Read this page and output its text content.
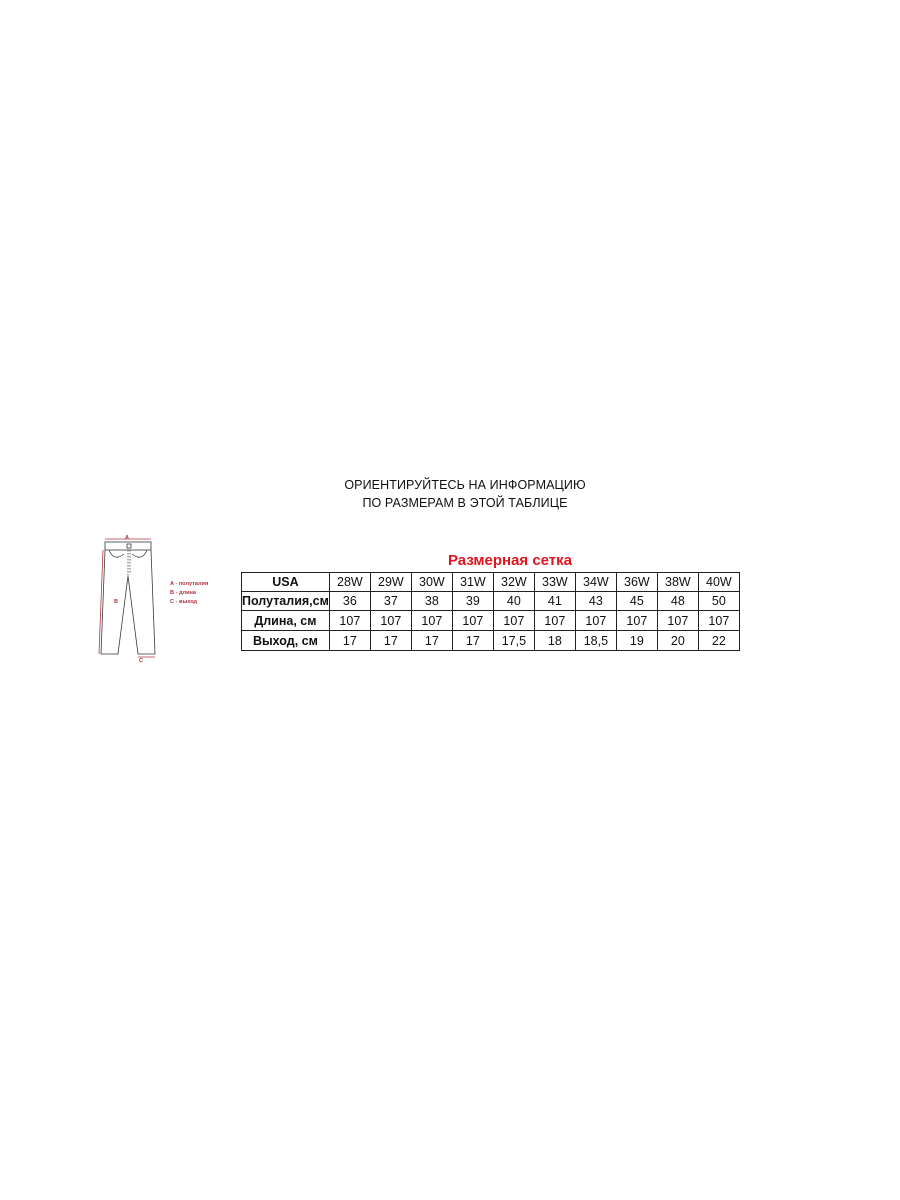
ОРИЕНТИРУЙТЕСЬ НА ИНФОРМАЦИЮ
ПО РАЗМЕРАМ В ЭТОЙ ТАБЛИЦЕ
A
B
C
A - полуталия
B - длина
C - выход
Размерная сетка
USA	28W	29W	30W	31W	32W	33W	34W	36W	38W	40W
Полуталия,см	36	37	38	39	40	41	43	45	48	50
Длина, см	107	107	107	107	107	107	107	107	107	107
Выход, см	17	17	17	17	17,5	18	18,5	19	20	22
